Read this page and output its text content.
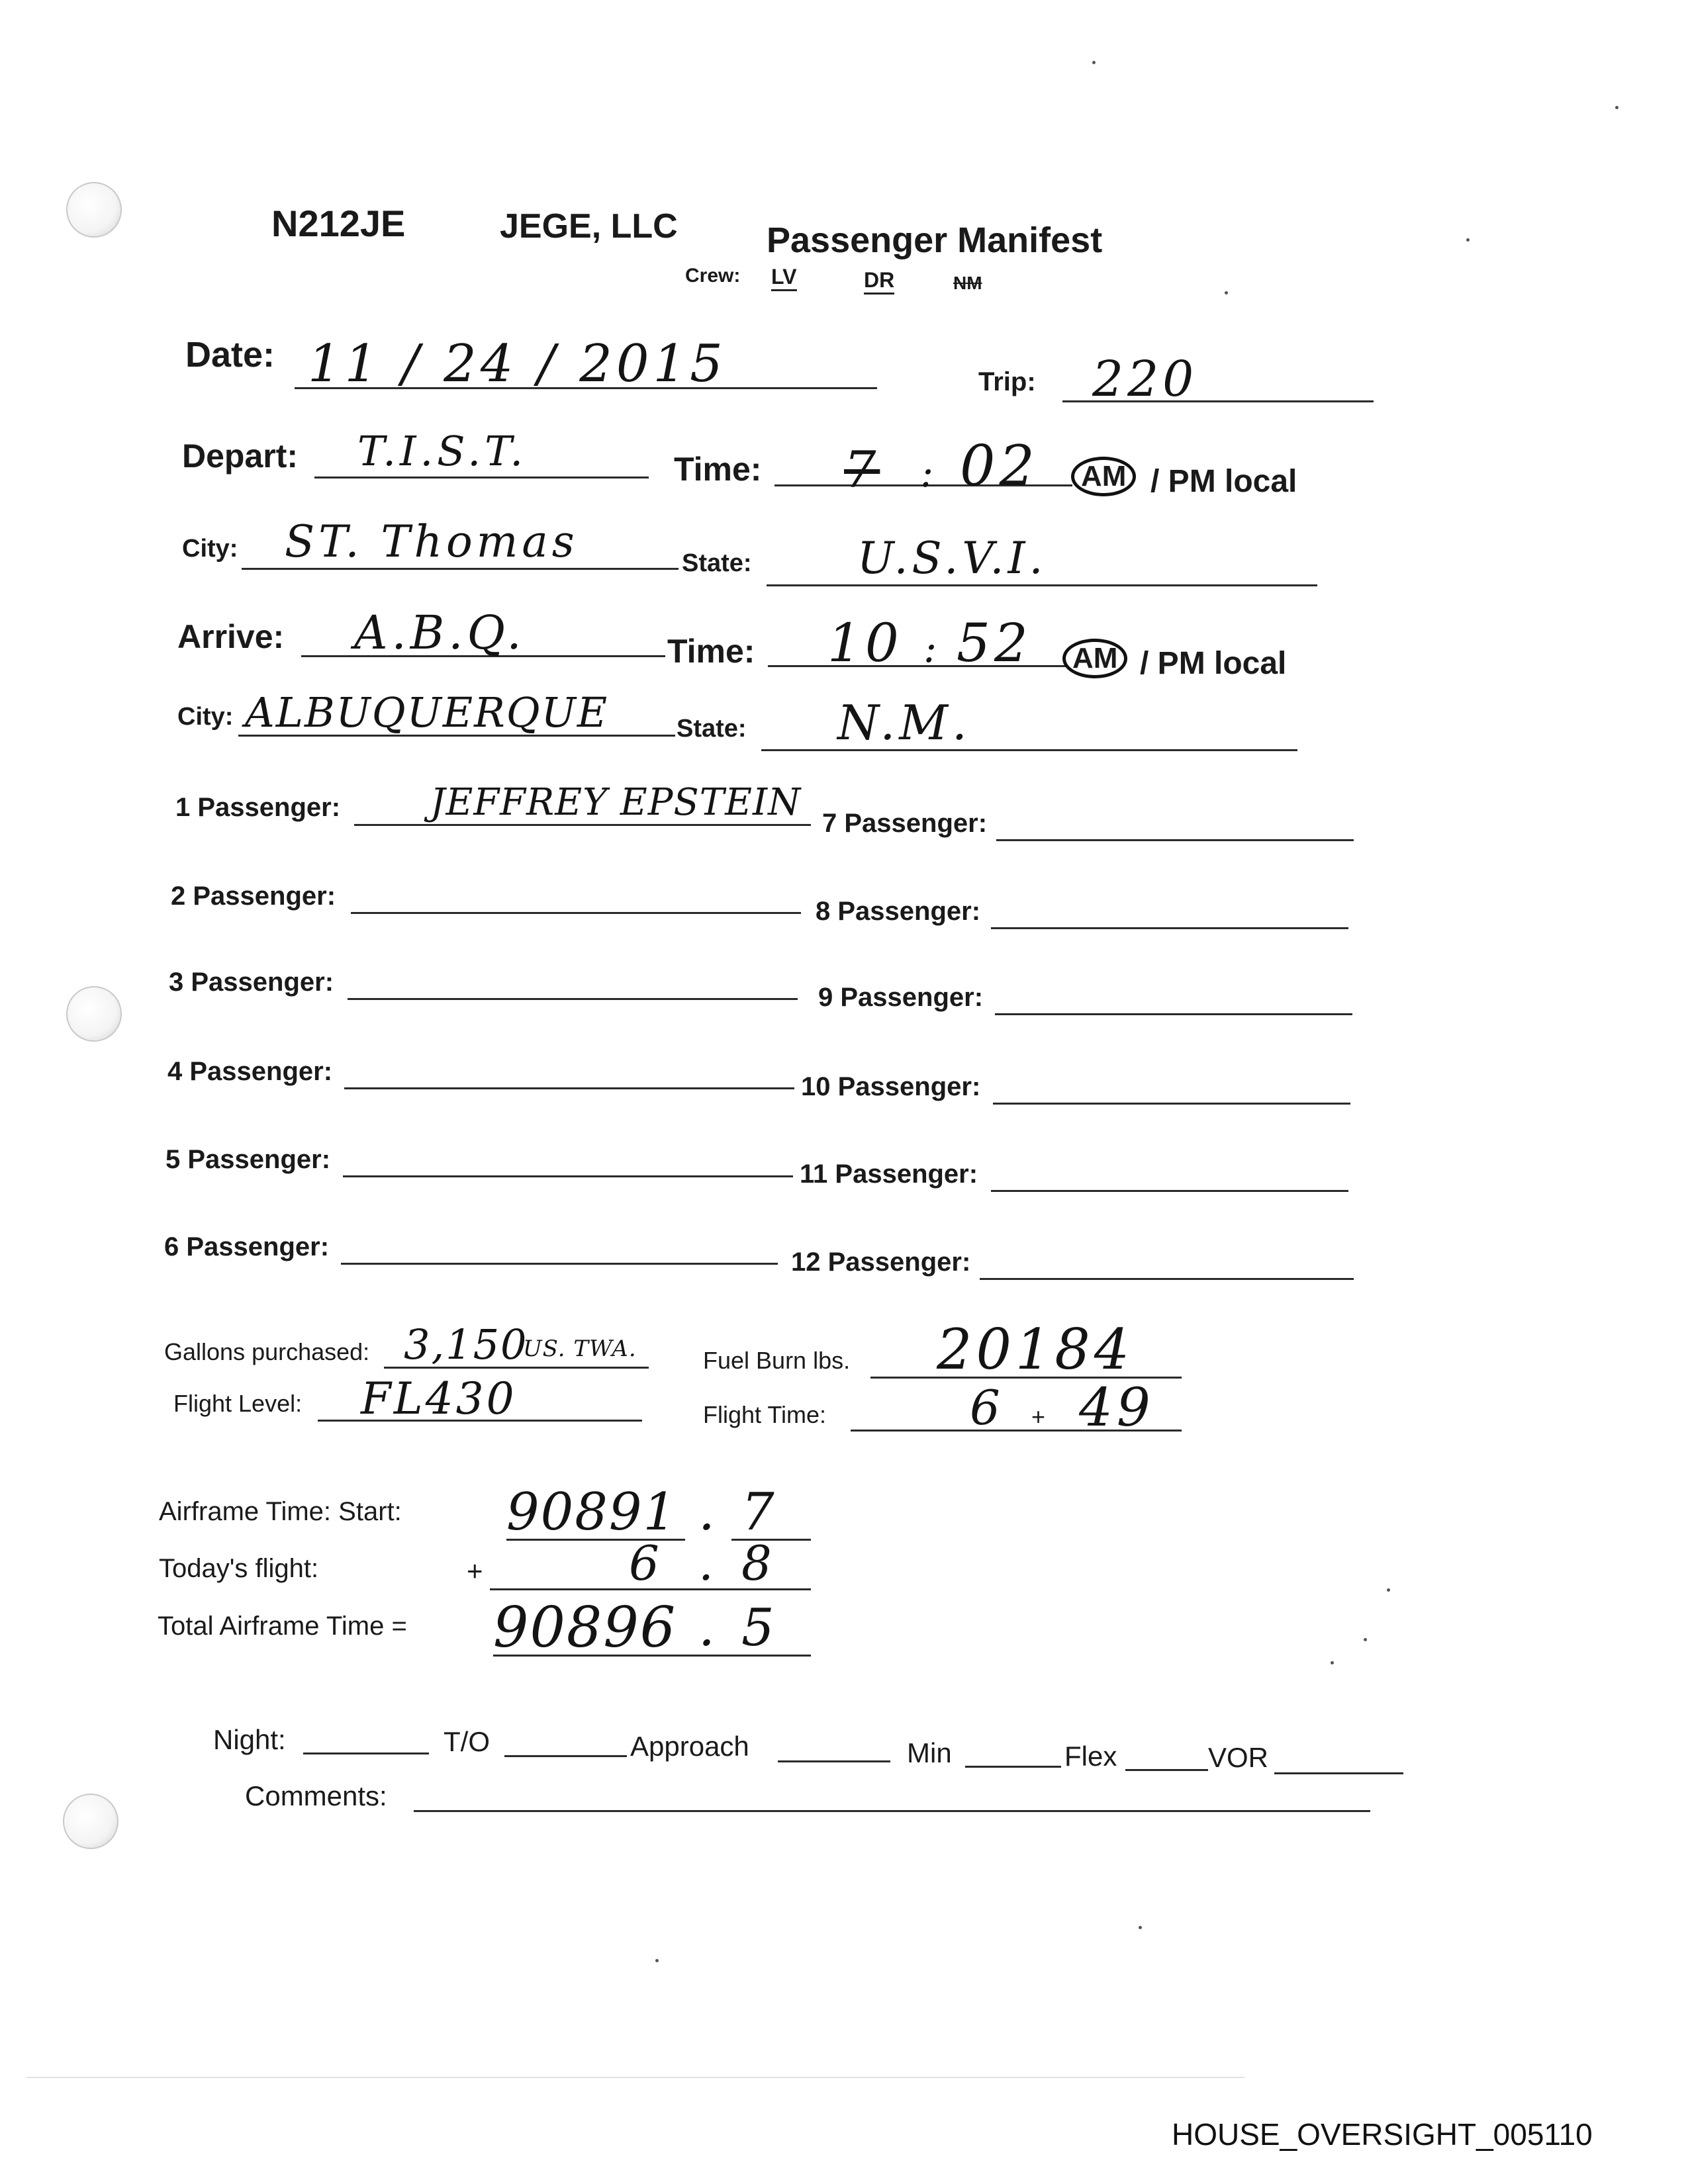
N212JE	JEGE, LLC Passenger Manifest
Crew: LV	DR	NM
Date: 11 / 24 / 2015	Trip: 220
Depart: T.I.S.T.	Time: 7 : 02	AM / PM local
City: ST. Thomas	State: U.S.V.I.
Arrive: A.B.Q.	Time: 10 : 52	AM / PM local
City: ALBUQUERQUE	State: N.M.
1 Passenger: JEFFREY EPSTEIN
2 Passenger:
3 Passenger:
4 Passenger:
5 Passenger:
6 Passenger:
7 Passenger:
8 Passenger:
9 Passenger:
10 Passenger:
11 Passenger:
12 Passenger:
Gallons purchased: 3,150
US. TWA.	Fuel Burn lbs. 20184
Flight Level: FL430	Flight Time:	6 + 49
Airframe Time: Start: 90891 . 7
Today's flight:	+	6 . 8
Total Airframe Time = 90896 . 5
Night:	T/O	Approach	Min	Flex	VOR
Comments:
HOUSE_OVERSIGHT_005110
